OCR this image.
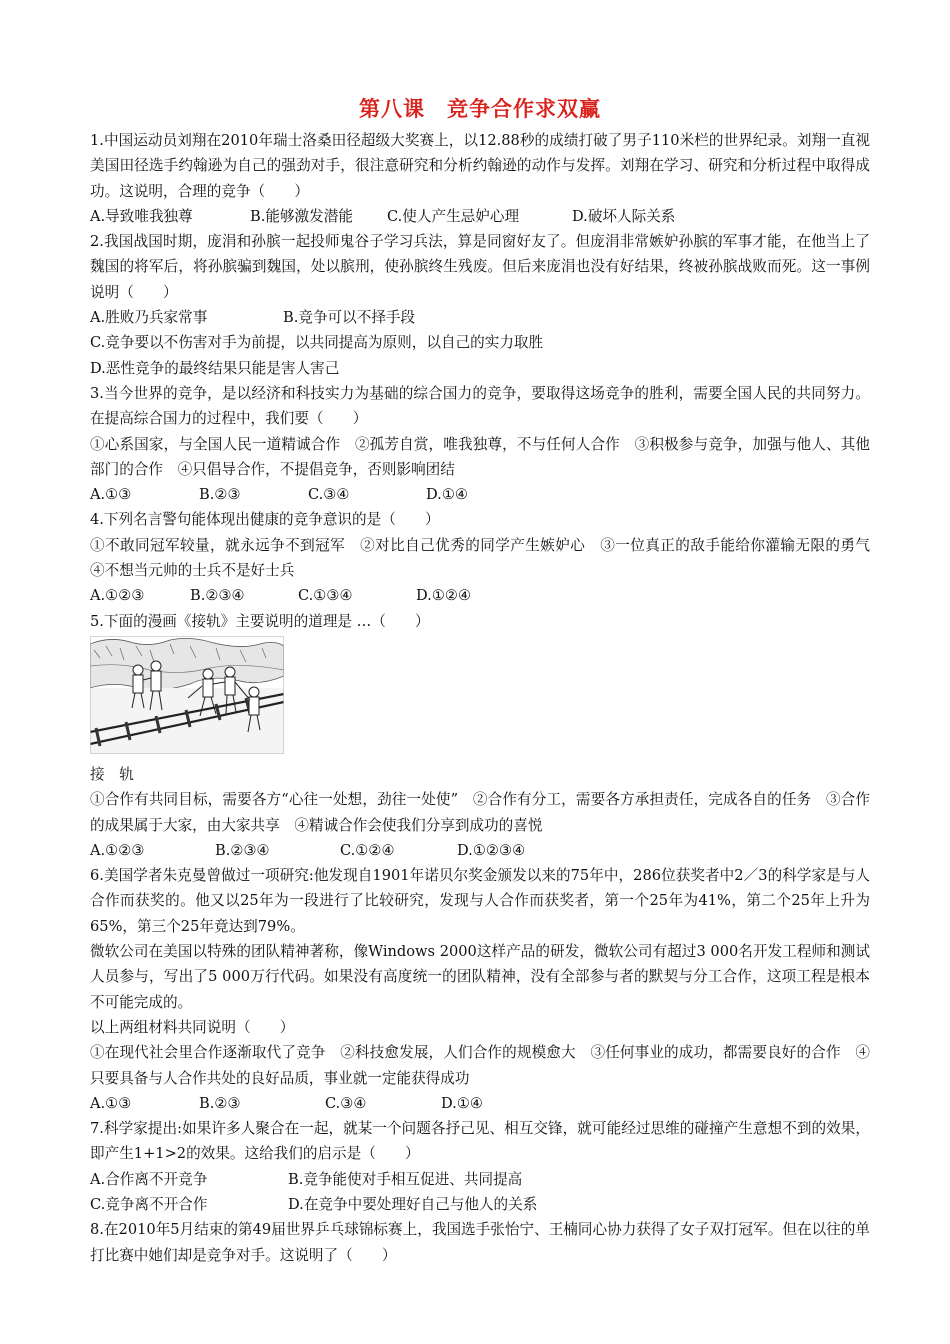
第八课 竞争合作求双赢

1.中国运动员刘翔在2010年瑞士洛桑田径超级大奖赛上，以12.88秒的成绩打破了男子110米栏的世界纪录。刘翔一直视美国田径选手约翰逊为自己的强劲对手，很注意研究和分析约翰逊的动作与发挥。刘翔在学习、研究和分析过程中取得成功。这说明，合理的竞争（　　）

A.导致唯我独尊	B.能够激发潜能	C.使人产生忌妒心理	D.破坏人际关系

2.我国战国时期，庞涓和孙膑一起投师鬼谷子学习兵法，算是同窗好友了。但庞涓非常嫉妒孙膑的军事才能，在他当上了魏国的将军后，将孙膑骗到魏国，处以膑刑，使孙膑终生残废。但后来庞涓也没有好结果，终被孙膑战败而死。这一事例说明（　　）

A.胜败乃兵家常事	B.竞争可以不择手段

C.竞争要以不伤害对手为前提，以共同提高为原则，以自己的实力取胜

D.恶性竞争的最终结果只能是害人害己

3.当今世界的竞争，是以经济和科技实力为基础的综合国力的竞争，要取得这场竞争的胜利，需要全国人民的共同努力。在提高综合国力的过程中，我们要（　　）

①心系国家，与全国人民一道精诚合作　②孤芳自赏，唯我独尊，不与任何人合作　③积极参与竞争，加强与他人、其他部门的合作　④只倡导合作，不提倡竞争，否则影响团结

A.①③	B.②③	C.③④	D.①④

4.下列名言警句能体现出健康的竞争意识的是（　　）

①不敢同冠军较量，就永远争不到冠军　②对比自己优秀的同学产生嫉妒心　③一位真正的敌手能给你灌输无限的勇气　④不想当元帅的士兵不是好士兵

A.①②③	B.②③④	C.①③④	D.①②④

5.下面的漫画《接轨》主要说明的道理是 …（　　）

接　轨

①合作有共同目标，需要各方“心往一处想，劲往一处使”　②合作有分工，需要各方承担责任，完成各自的任务　③合作的成果属于大家，由大家共享　④精诚合作会使我们分享到成功的喜悦

A.①②③	B.②③④	C.①②④	D.①②③④

6.美国学者朱克曼曾做过一项研究:他发现自1901年诺贝尔奖金颁发以来的75年中，286位获奖者中2／3的科学家是与人合作而获奖的。他又以25年为一段进行了比较研究，发现与人合作而获奖者，第一个25年为41%，第二个25年上升为65%，第三个25年竟达到79%。

微软公司在美国以特殊的团队精神著称，像Windows 2000这样产品的研发，微软公司有超过3 000名开发工程师和测试人员参与，写出了5 000万行代码。如果没有高度统一的团队精神，没有全部参与者的默契与分工合作，这项工程是根本不可能完成的。

以上两组材料共同说明（　　）

①在现代社会里合作逐渐取代了竞争　②科技愈发展，人们合作的规模愈大　③任何事业的成功，都需要良好的合作　④只要具备与人合作共处的良好品质，事业就一定能获得成功

A.①③	B.②③	C.③④	D.①④

7.科学家提出:如果许多人聚合在一起，就某一个问题各抒己见、相互交锋，就可能经过思维的碰撞产生意想不到的效果，即产生1+1>2的效果。这给我们的启示是（　　）

A.合作离不开竞争	B.竞争能使对手相互促进、共同提高
C.竞争离不开合作	D.在竞争中要处理好自己与他人的关系

8.在2010年5月结束的第49届世界乒乓球锦标赛上，我国选手张怡宁、王楠同心协力获得了女子双打冠军。但在以往的单打比赛中她们却是竞争对手。这说明了（　　）
